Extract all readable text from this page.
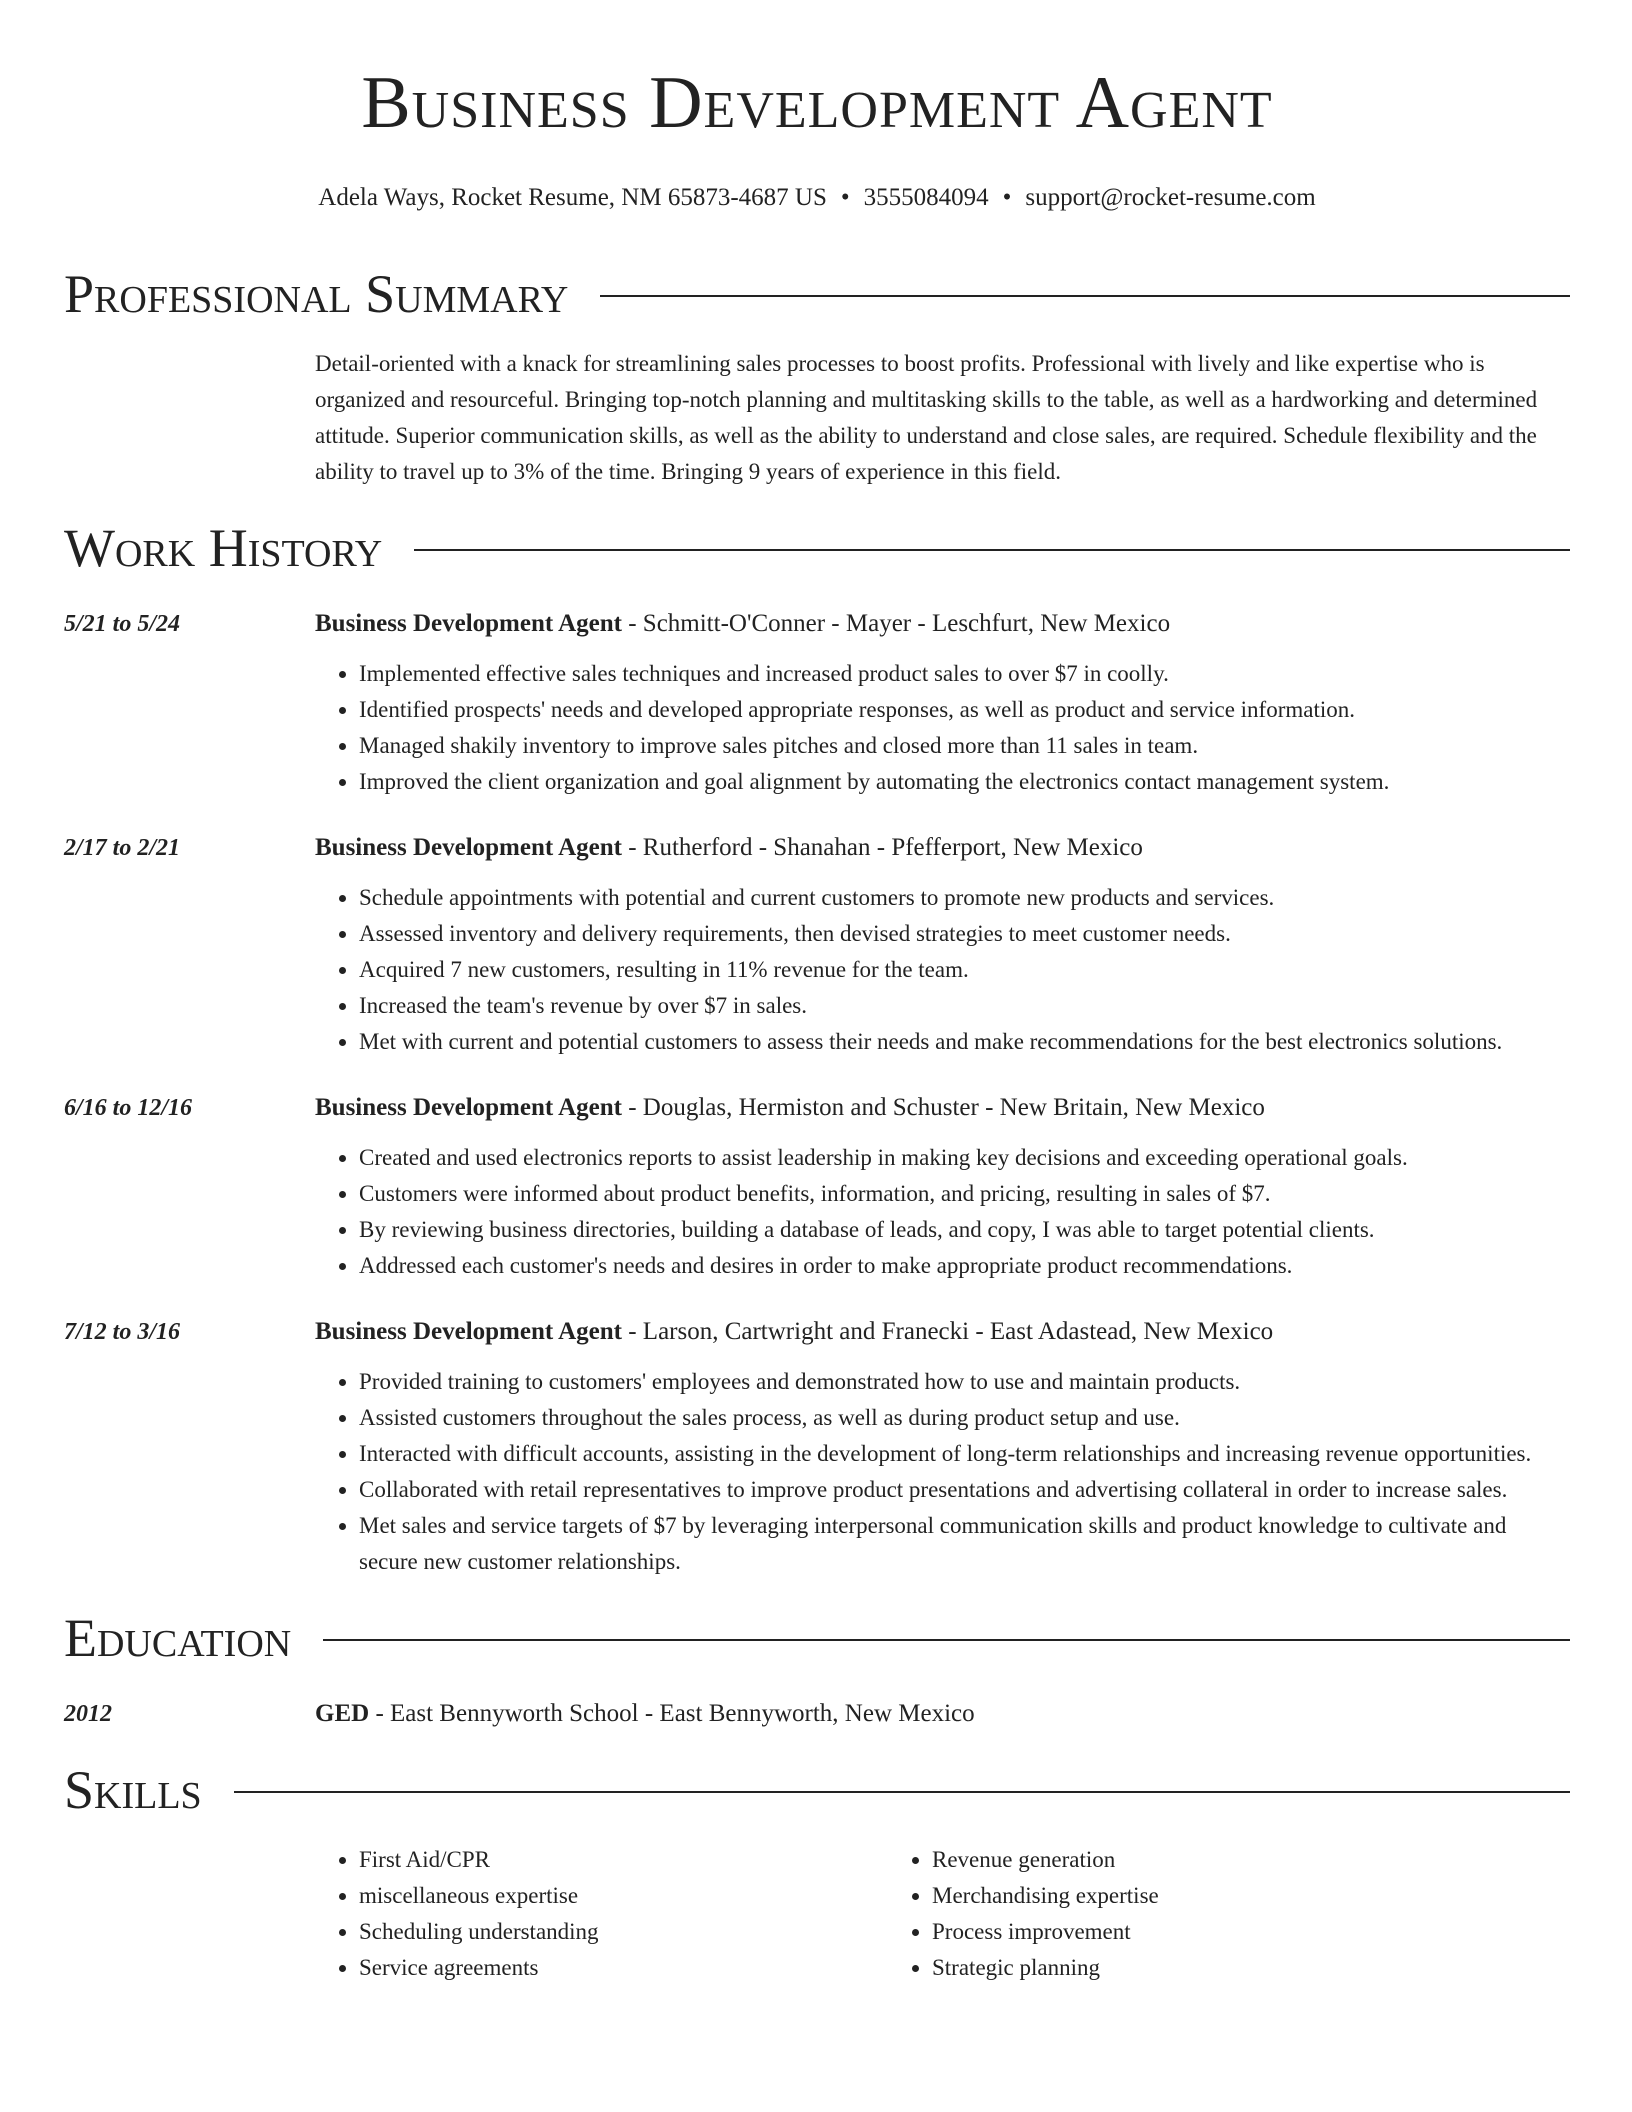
Business Development Agent
Adela Ways, Rocket Resume, NM 65873-4687 US • 3555084094 • support@rocket-resume.com
Professional Summary
Detail-oriented with a knack for streamlining sales processes to boost profits. Professional with lively and like expertise who is organized and resourceful. Bringing top-notch planning and multitasking skills to the table, as well as a hardworking and determined attitude. Superior communication skills, as well as the ability to understand and close sales, are required. Schedule flexibility and the ability to travel up to 3% of the time. Bringing 9 years of experience in this field.
Work History
5/21 to 5/24	Business Development Agent - Schmitt-O'Conner - Mayer - Leschfurt, New Mexico
• Implemented effective sales techniques and increased product sales to over $7 in coolly.
• Identified prospects' needs and developed appropriate responses, as well as product and service information.
• Managed shakily inventory to improve sales pitches and closed more than 11 sales in team.
• Improved the client organization and goal alignment by automating the electronics contact management system.
2/17 to 2/21	Business Development Agent - Rutherford - Shanahan - Pfefferport, New Mexico
• Schedule appointments with potential and current customers to promote new products and services.
• Assessed inventory and delivery requirements, then devised strategies to meet customer needs.
• Acquired 7 new customers, resulting in 11% revenue for the team.
• Increased the team's revenue by over $7 in sales.
• Met with current and potential customers to assess their needs and make recommendations for the best electronics solutions.
6/16 to 12/16	Business Development Agent - Douglas, Hermiston and Schuster - New Britain, New Mexico
• Created and used electronics reports to assist leadership in making key decisions and exceeding operational goals.
• Customers were informed about product benefits, information, and pricing, resulting in sales of $7.
• By reviewing business directories, building a database of leads, and copy, I was able to target potential clients.
• Addressed each customer's needs and desires in order to make appropriate product recommendations.
7/12 to 3/16	Business Development Agent - Larson, Cartwright and Franecki - East Adastead, New Mexico
• Provided training to customers' employees and demonstrated how to use and maintain products.
• Assisted customers throughout the sales process, as well as during product setup and use.
• Interacted with difficult accounts, assisting in the development of long-term relationships and increasing revenue opportunities.
• Collaborated with retail representatives to improve product presentations and advertising collateral in order to increase sales.
• Met sales and service targets of $7 by leveraging interpersonal communication skills and product knowledge to cultivate and secure new customer relationships.
Education
2012	GED - East Bennyworth School - East Bennyworth, New Mexico
Skills
• First Aid/CPR
• miscellaneous expertise
• Scheduling understanding
• Service agreements
• Revenue generation
• Merchandising expertise
• Process improvement
• Strategic planning
